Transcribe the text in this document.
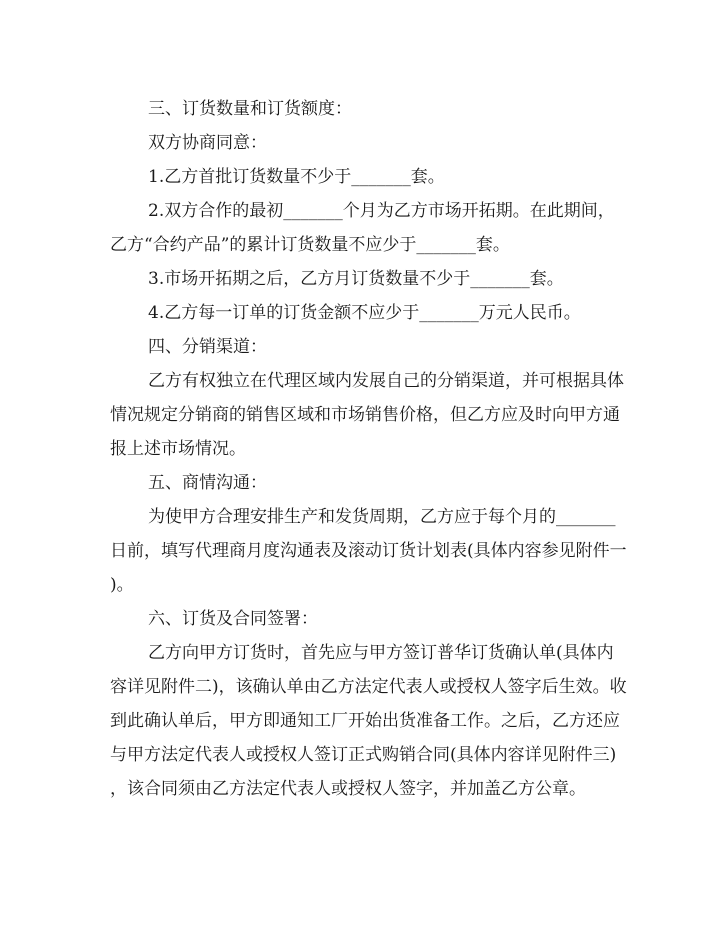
三、订货数量和订货额度：
双方协商同意：
1.乙方首批订货数量不少于_______套。
2.双方合作的最初_______个月为乙方市场开拓期。在此期间，
乙方“合约产品”的累计订货数量不应少于_______套。
3.市场开拓期之后，乙方月订货数量不少于_______套。
4.乙方每一订单的订货金额不应少于_______万元人民币。
四、分销渠道：
乙方有权独立在代理区域内发展自己的分销渠道，并可根据具体
情况规定分销商的销售区域和市场销售价格，但乙方应及时向甲方通
报上述市场情况。
五、商情沟通：
为使甲方合理安排生产和发货周期，乙方应于每个月的_______
日前，填写代理商月度沟通表及滚动订货计划表(具体内容参见附件一
)。
六、订货及合同签署：
乙方向甲方订货时，首先应与甲方签订普华订货确认单(具体内
容详见附件二)，该确认单由乙方法定代表人或授权人签字后生效。收
到此确认单后，甲方即通知工厂开始出货准备工作。之后，乙方还应
与甲方法定代表人或授权人签订正式购销合同(具体内容详见附件三)
，该合同须由乙方法定代表人或授权人签字，并加盖乙方公章。
